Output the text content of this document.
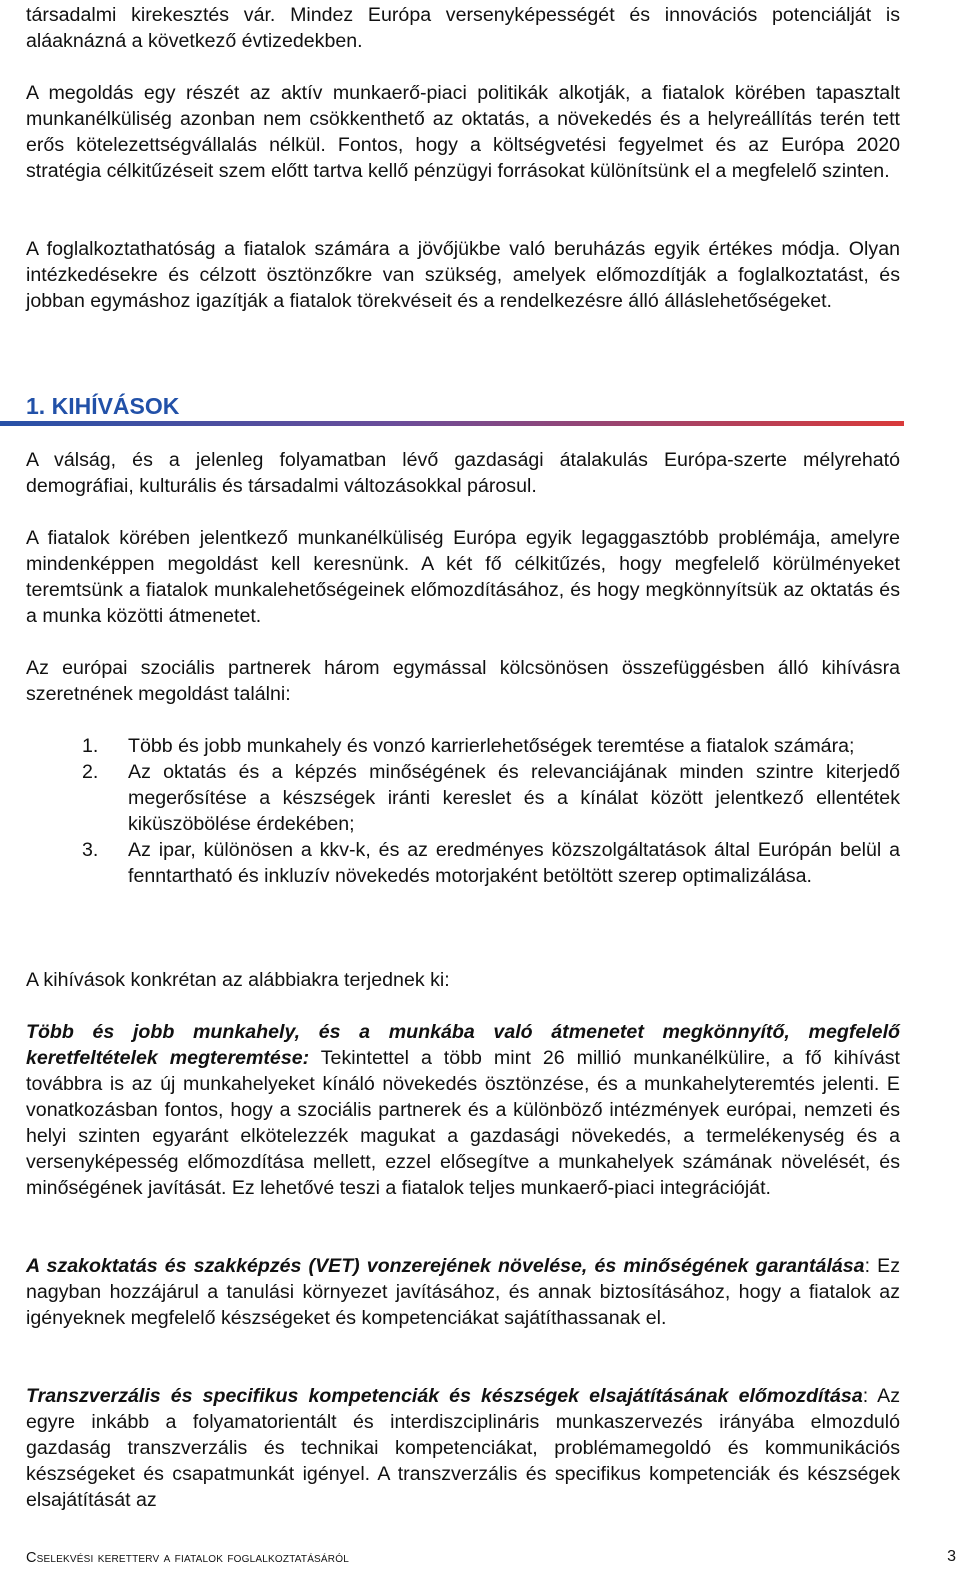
társadalmi kirekesztés vár. Mindez Európa versenyképességét és innovációs potenciálját is aláaknázná a következő évtizedekben.

A megoldás egy részét az aktív munkaerő-piaci politikák alkotják, a fiatalok körében tapasztalt munkanélküliség azonban nem csökkenthető az oktatás, a növekedés és a helyreállítás terén tett erős kötelezettségvállalás nélkül. Fontos, hogy a költségvetési fegyelmet és az Európa 2020 stratégia célkitűzéseit szem előtt tartva kellő pénzügyi forrásokat különítsünk el a megfelelő szinten.

A foglalkoztathatóság a fiatalok számára a jövőjükbe való beruházás egyik értékes módja. Olyan intézkedésekre és célzott ösztönzőkre van szükség, amelyek előmozdítják a foglalkoztatást, és jobban egymáshoz igazítják a fiatalok törekvéseit és a rendelkezésre álló álláslehetőségeket.

1. KIHÍVÁSOK

A válság, és a jelenleg folyamatban lévő gazdasági átalakulás Európa-szerte mélyreható demográfiai, kulturális és társadalmi változásokkal párosul.

A fiatalok körében jelentkező munkanélküliség Európa egyik legaggasztóbb problémája, amelyre mindenképpen megoldást kell keresnünk. A két fő célkitűzés, hogy megfelelő körülményeket teremtsünk a fiatalok munkalehetőségeinek előmozdításához, és hogy megkönnyítsük az oktatás és a munka közötti átmenetet.

Az európai szociális partnerek három egymással kölcsönösen összefüggésben álló kihívásra szeretnének megoldást találni:

1. Több és jobb munkahely és vonzó karrierlehetőségek teremtése a fiatalok számára;
2. Az oktatás és a képzés minőségének és relevanciájának minden szintre kiterjedő megerősítése a készségek iránti kereslet és a kínálat között jelentkező ellentétek kiküszöbölése érdekében;
3. Az ipar, különösen a kkv-k, és az eredményes közszolgáltatások által Európán belül a fenntartható és inkluzív növekedés motorjaként betöltött szerep optimalizálása.

A kihívások konkrétan az alábbiakra terjednek ki:

Több és jobb munkahely, és a munkába való átmenetet megkönnyítő, megfelelő keretfeltételek megteremtése: Tekintettel a több mint 26 millió munkanélkülire, a fő kihívást továbbra is az új munkahelyeket kínáló növekedés ösztönzése, és a munkahelyteremtés jelenti. E vonatkozásban fontos, hogy a szociális partnerek és a különböző intézmények európai, nemzeti és helyi szinten egyaránt elkötelezzék magukat a gazdasági növekedés, a termelékenység és a versenyképesség előmozdítása mellett, ezzel elősegítve a munkahelyek számának növelését, és minőségének javítását. Ez lehetővé teszi a fiatalok teljes munkaerő-piaci integrációját.

A szakoktatás és szakképzés (VET) vonzerejének növelése, és minőségének garantálása: Ez nagyban hozzájárul a tanulási környezet javításához, és annak biztosításához, hogy a fiatalok az igényeknek megfelelő készségeket és kompetenciákat sajátíthassanak el.

Transzverzális és specifikus kompetenciák és készségek elsajátításának előmozdítása: Az egyre inkább a folyamatorientált és interdiszciplináris munkaszervezés irányába elmozduló gazdaság transzverzális és technikai kompetenciákat, problémamegoldó és kommunikációs készségeket és csapatmunkát igényel. A transzverzális és specifikus kompetenciák és készségek elsajátítását az

Cselekvési keretterv a fiatalok foglalkoztatásáról	3
